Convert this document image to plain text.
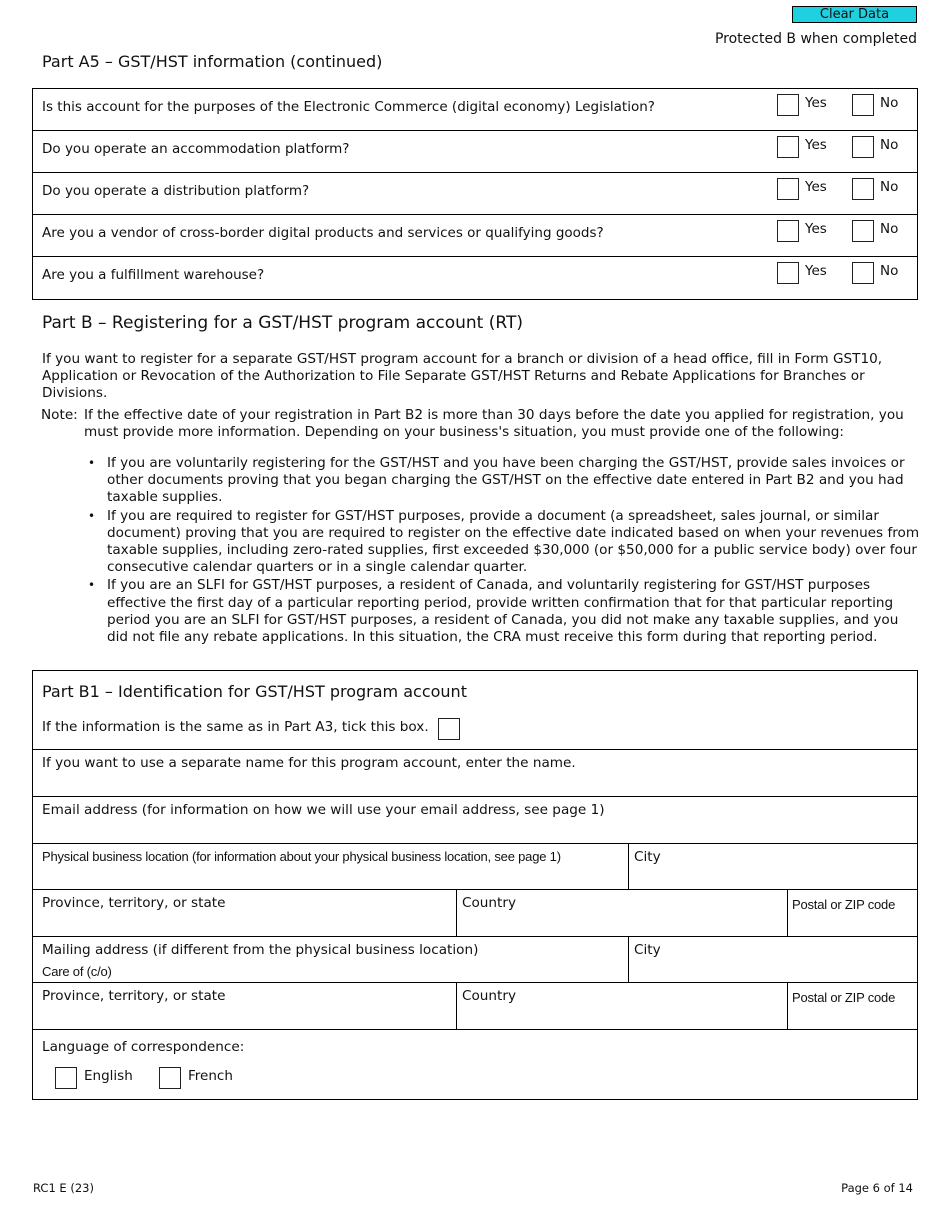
Clear Data
Protected B when completed
Part A5 – GST/HST information (continued)
Is this account for the purposes of the Electronic Commerce (digital economy) Legislation?	Yes	No
Do you operate an accommodation platform?	Yes	No
Do you operate a distribution platform?	Yes	No
Are you a vendor of cross-border digital products and services or qualifying goods?	Yes	No
Are you a fulfillment warehouse?	Yes	No
Part B – Registering for a GST/HST program account (RT)
If you want to register for a separate GST/HST program account for a branch or division of a head office, fill in Form GST10, Application or Revocation of the Authorization to File Separate GST/HST Returns and Rebate Applications for Branches or Divisions.
Note: If the effective date of your registration in Part B2 is more than 30 days before the date you applied for registration, you must provide more information. Depending on your business's situation, you must provide one of the following:
• If you are voluntarily registering for the GST/HST and you have been charging the GST/HST, provide sales invoices or other documents proving that you began charging the GST/HST on the effective date entered in Part B2 and you had taxable supplies.
• If you are required to register for GST/HST purposes, provide a document (a spreadsheet, sales journal, or similar document) proving that you are required to register on the effective date indicated based on when your revenues from taxable supplies, including zero-rated supplies, first exceeded $30,000 (or $50,000 for a public service body) over four consecutive calendar quarters or in a single calendar quarter.
• If you are an SLFI for GST/HST purposes, a resident of Canada, and voluntarily registering for GST/HST purposes effective the first day of a particular reporting period, provide written confirmation that for that particular reporting period you are an SLFI for GST/HST purposes, a resident of Canada, you did not make any taxable supplies, and you did not file any rebate applications. In this situation, the CRA must receive this form during that reporting period.
Part B1 – Identification for GST/HST program account
If the information is the same as in Part A3, tick this box.
If you want to use a separate name for this program account, enter the name.
Email address (for information on how we will use your email address, see page 1)
Physical business location (for information about your physical business location, see page 1)	City
Province, territory, or state	Country	Postal or ZIP code
Mailing address (if different from the physical business location)
Care of (c/o)
City
Province, territory, or state	Country	Postal or ZIP code
Language of correspondence:
English	French
RC1 E (23)	Page 6 of 14
